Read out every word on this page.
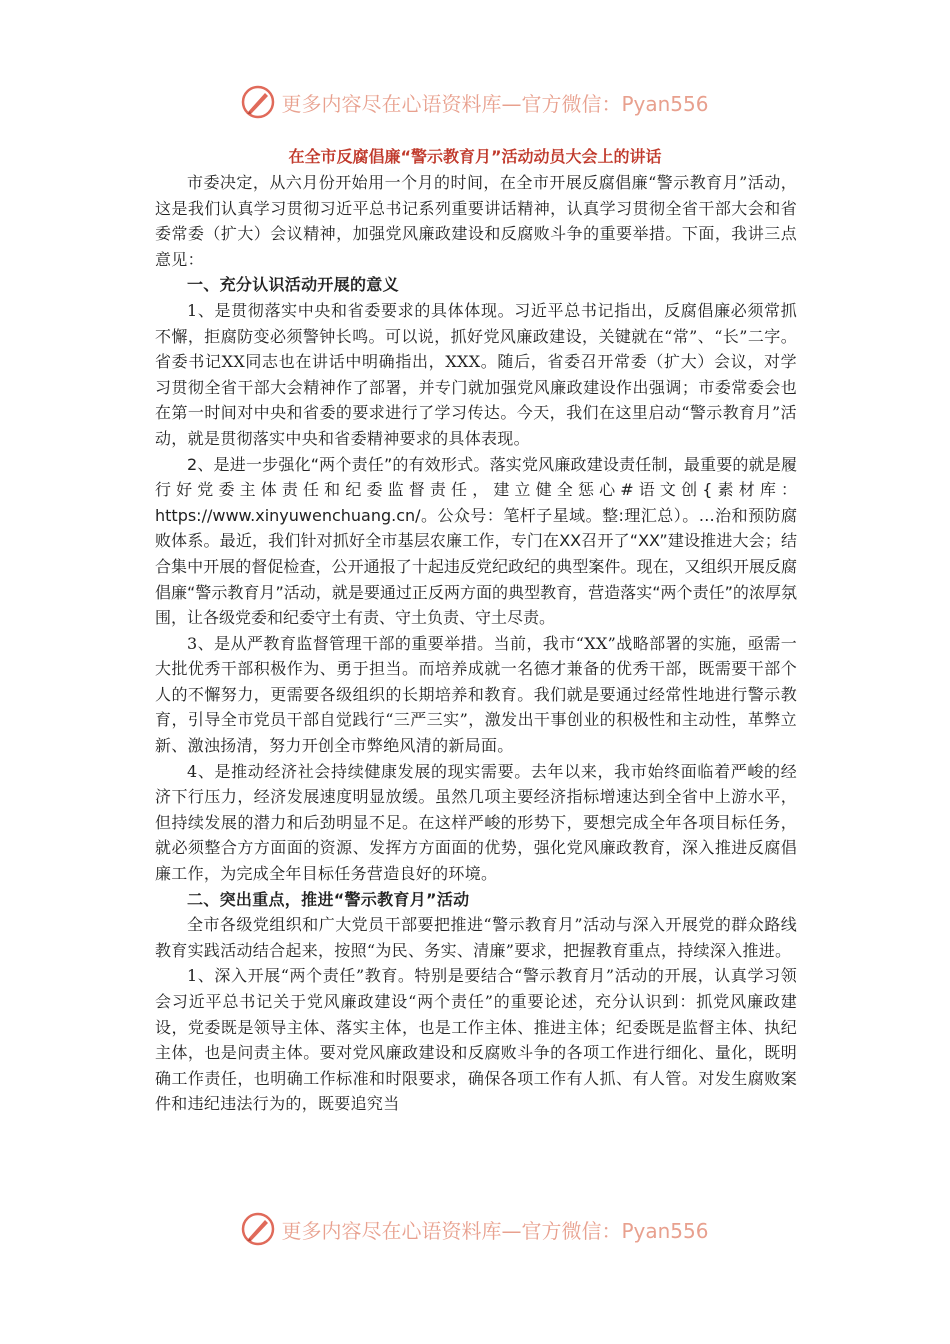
更多内容尽在心语资料库—官方微信：Pyan556
在全市反腐倡廉“警示教育月”活动动员大会上的讲话

市委决定，从六月份开始用一个月的时间，在全市开展反腐倡廉“警示教育月”活动，这是我们认真学习贯彻习近平总书记系列重要讲话精神，认真学习贯彻全省干部大会和省委常委（扩大）会议精神，加强党风廉政建设和反腐败斗争的重要举措。下面，我讲三点意见：

一、充分认识活动开展的意义

1、是贯彻落实中央和省委要求的具体体现。习近平总书记指出，反腐倡廉必须常抓不懈，拒腐防变必须警钟长鸣。可以说，抓好党风廉政建设，关键就在“常”、“长”二字。省委书记XX同志也在讲话中明确指出，XXX。随后，省委召开常委（扩大）会议，对学习贯彻全省干部大会精神作了部署，并专门就加强党风廉政建设作出强调；市委常委会也在第一时间对中央和省委的要求进行了学习传达。今天，我们在这里启动“警示教育月”活动，就是贯彻落实中央和省委精神要求的具体表现。

2、是进一步强化“两个责任”的有效形式。落实党风廉政建设责任制，最重要的就是履行好党委主体责任和纪委监督责任，建立健全惩心#语文创{素材库：https://www.xinyuwenchuang.cn/。公众号：笔杆子星域。整:理汇总）。…治和预防腐败体系。最近，我们针对抓好全市基层农廉工作，专门在XX召开了“XX”建设推进大会；结合集中开展的督促检查，公开通报了十起违反党纪政纪的典型案件。现在，又组织开展反腐倡廉“警示教育月”活动，就是要通过正反两方面的典型教育，营造落实“两个责任”的浓厚氛围，让各级党委和纪委守土有责、守土负责、守土尽责。

3、是从严教育监督管理干部的重要举措。当前，我市“XX”战略部署的实施，亟需一大批优秀干部积极作为、勇于担当。而培养成就一名德才兼备的优秀干部，既需要干部个人的不懈努力，更需要各级组织的长期培养和教育。我们就是要通过经常性地进行警示教育，引导全市党员干部自觉践行“三严三实”，激发出干事创业的积极性和主动性，革弊立新、激浊扬清，努力开创全市弊绝风清的新局面。

4、是推动经济社会持续健康发展的现实需要。去年以来，我市始终面临着严峻的经济下行压力，经济发展速度明显放缓。虽然几项主要经济指标增速达到全省中上游水平，但持续发展的潜力和后劲明显不足。在这样严峻的形势下，要想完成全年各项目标任务，就必须整合方方面面的资源、发挥方方面面的优势，强化党风廉政教育，深入推进反腐倡廉工作，为完成全年目标任务营造良好的环境。

二、突出重点，推进“警示教育月”活动

全市各级党组织和广大党员干部要把推进“警示教育月”活动与深入开展党的群众路线教育实践活动结合起来，按照“为民、务实、清廉”要求，把握教育重点，持续深入推进。

1、深入开展“两个责任”教育。特别是要结合“警示教育月”活动的开展，认真学习领会习近平总书记关于党风廉政建设“两个责任”的重要论述，充分认识到：抓党风廉政建设，党委既是领导主体、落实主体，也是工作主体、推进主体；纪委既是监督主体、执纪主体，也是问责主体。要对党风廉政建设和反腐败斗争的各项工作进行细化、量化，既明确工作责任，也明确工作标准和时限要求，确保各项工作有人抓、有人管。对发生腐败案件和违纪违法行为的，既要追究当

更多内容尽在心语资料库—官方微信：Pyan556
